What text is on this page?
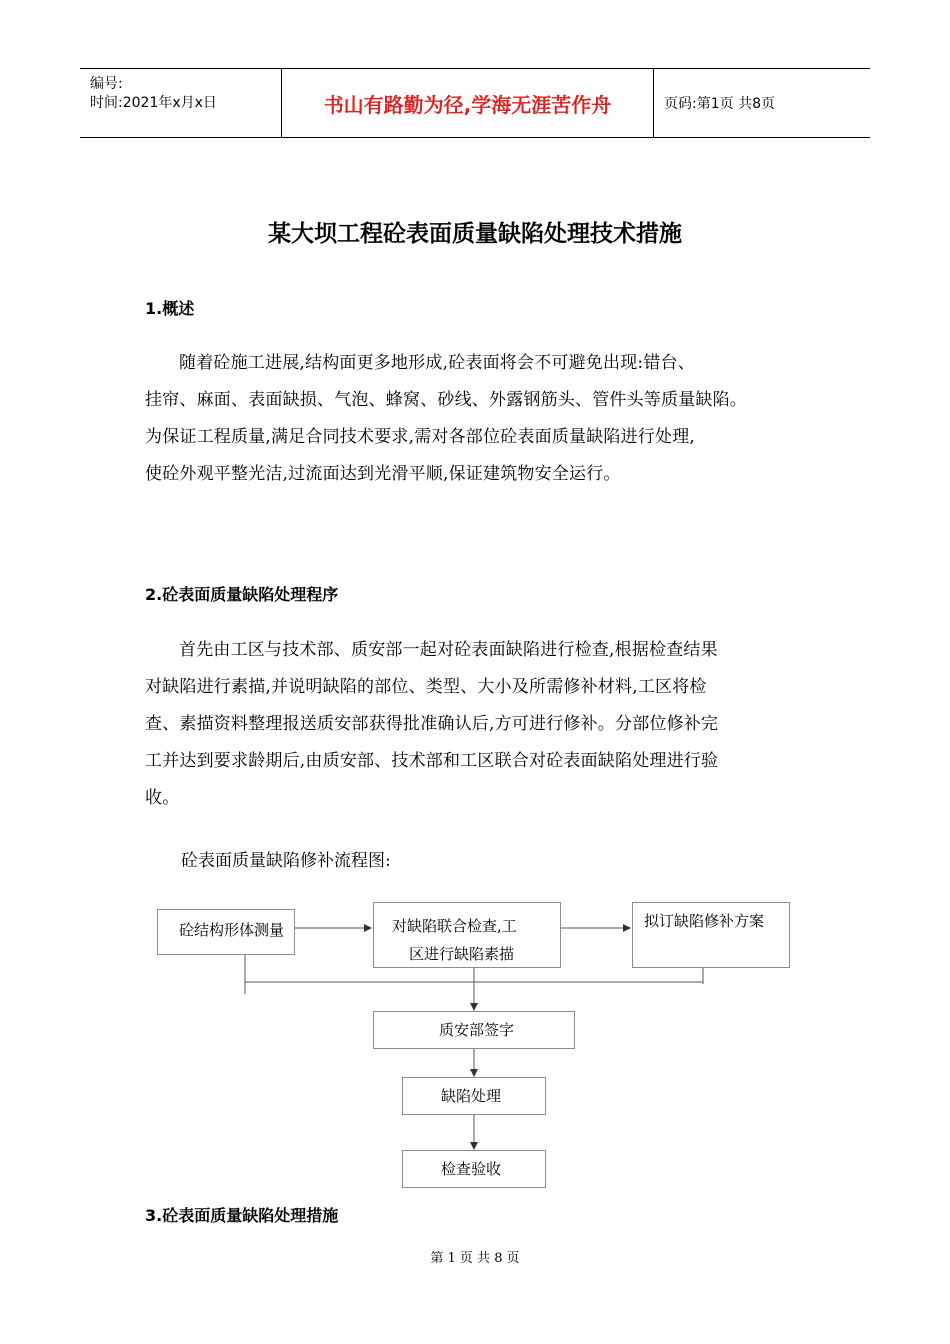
编号:
时间:2021年x月x日	书山有路勤为径,学海无涯苦作舟	页码:第1页 共8页
某大坝工程砼表面质量缺陷处理技术措施
1.概述
随着砼施工进展,结构面更多地形成,砼表面将会不可避免出现:错台、
挂帘、麻面、表面缺损、气泡、蜂窝、砂线、外露钢筋头、管件头等质量缺陷。
为保证工程质量,满足合同技术要求,需对各部位砼表面质量缺陷进行处理,
使砼外观平整光洁,过流面达到光滑平顺,保证建筑物安全运行。
2.砼表面质量缺陷处理程序
首先由工区与技术部、质安部一起对砼表面缺陷进行检查,根据检查结果
对缺陷进行素描,并说明缺陷的部位、类型、大小及所需修补材料,工区将检
查、素描资料整理报送质安部获得批准确认后,方可进行修补。分部位修补完
工并达到要求龄期后,由质安部、技术部和工区联合对砼表面缺陷处理进行验
收。
砼表面质量缺陷修补流程图:
砼结构形体测量	对缺陷联合检查,工
区进行缺陷素描
拟订缺陷修补方案
质安部签字
缺陷处理
检查验收
3.砼表面质量缺陷处理措施
第 1 页 共 8 页
